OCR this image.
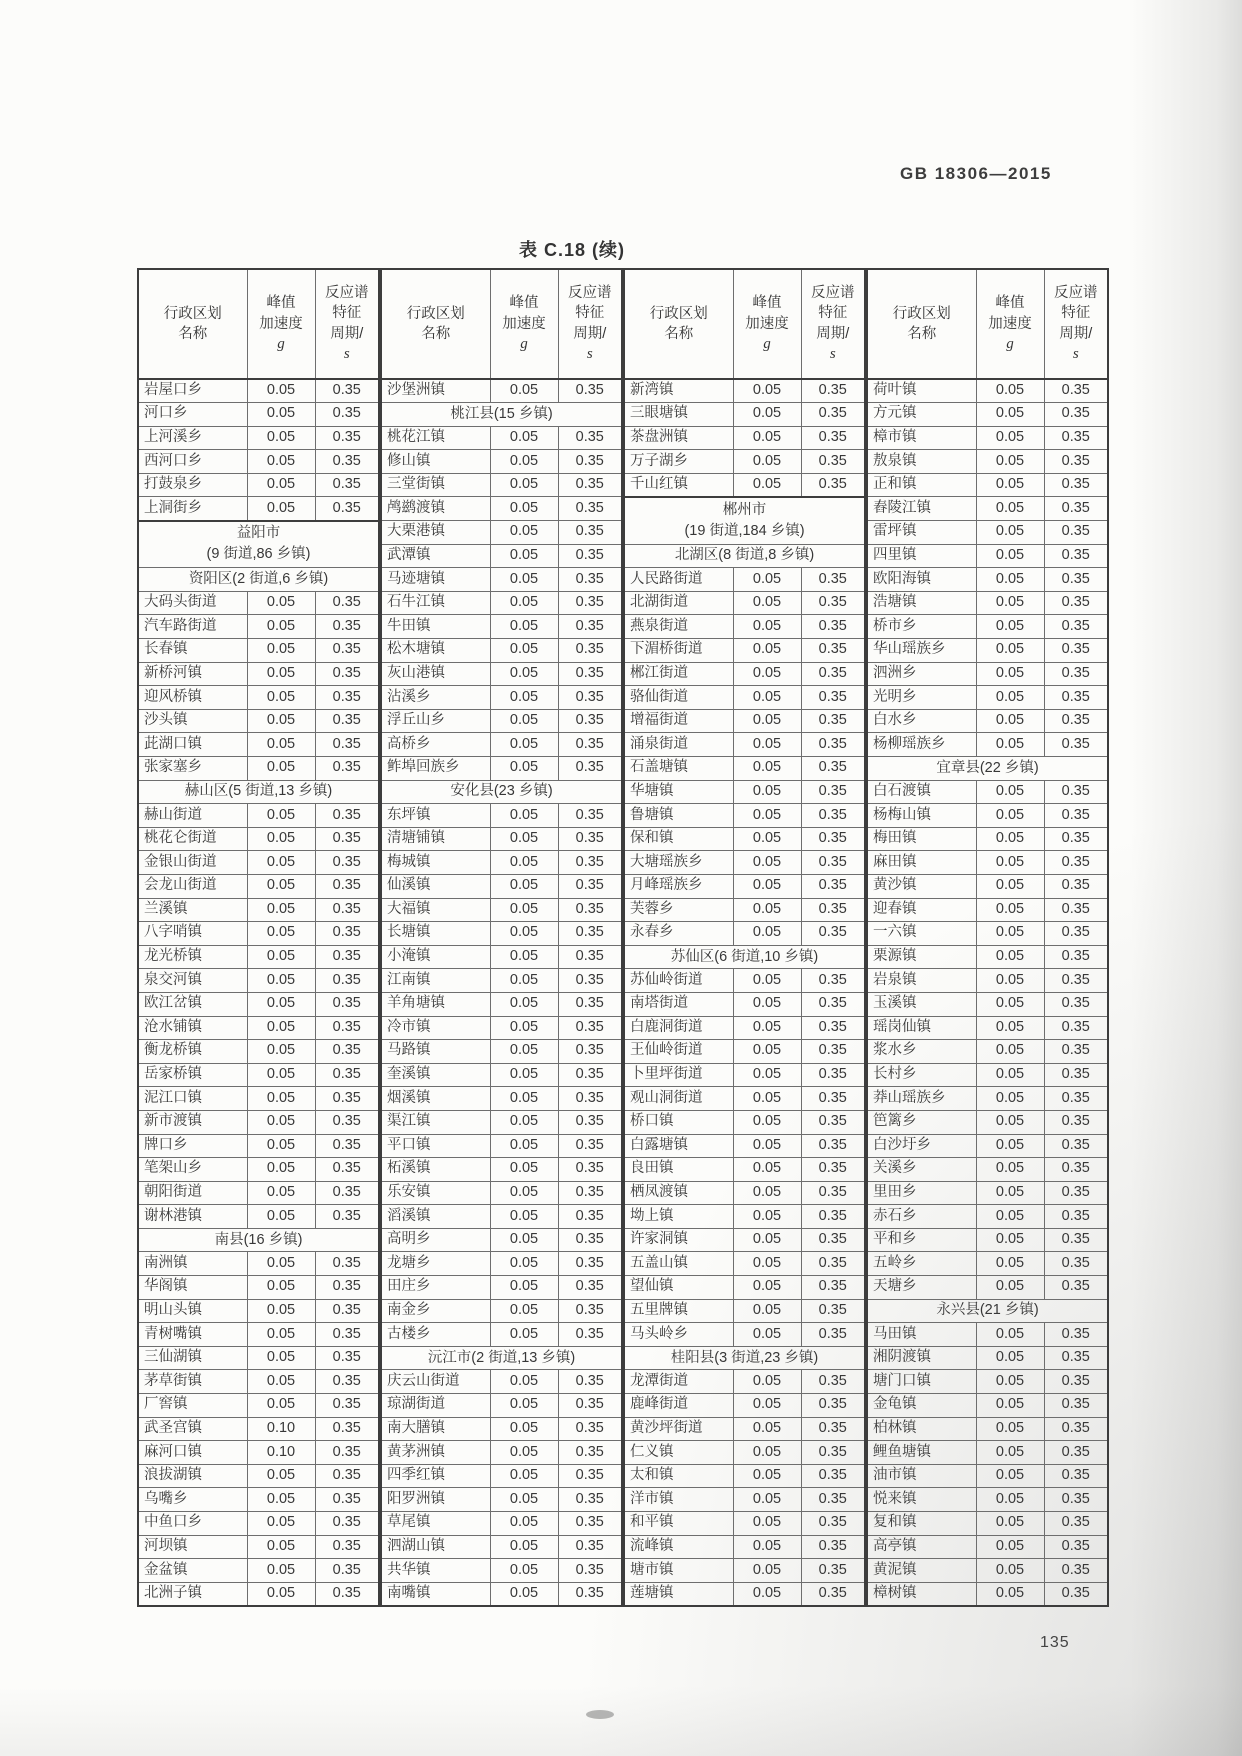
GB 18306—2015
表 C.18 (续)
行政区划
名称	峰值
加速度
g	反应谱
特征
周期/
s
岩屋口乡	0.05	0.35
河口乡	0.05	0.35
上河溪乡	0.05	0.35
西河口乡	0.05	0.35
打鼓泉乡	0.05	0.35
上洞街乡	0.05	0.35
益阳市
(9 街道,86 乡镇)		
资阳区(2 街道,6 乡镇)		
大码头街道	0.05	0.35
汽车路街道	0.05	0.35
长春镇	0.05	0.35
新桥河镇	0.05	0.35
迎风桥镇	0.05	0.35
沙头镇	0.05	0.35
茈湖口镇	0.05	0.35
张家塞乡	0.05	0.35
赫山区(5 街道,13 乡镇)		
赫山街道	0.05	0.35
桃花仑街道	0.05	0.35
金银山街道	0.05	0.35
会龙山街道	0.05	0.35
兰溪镇	0.05	0.35
八字哨镇	0.05	0.35
龙光桥镇	0.05	0.35
泉交河镇	0.05	0.35
欧江岔镇	0.05	0.35
沧水铺镇	0.05	0.35
衡龙桥镇	0.05	0.35
岳家桥镇	0.05	0.35
泥江口镇	0.05	0.35
新市渡镇	0.05	0.35
牌口乡	0.05	0.35
笔架山乡	0.05	0.35
朝阳街道	0.05	0.35
谢林港镇	0.05	0.35
南县(16 乡镇)		
南洲镇	0.05	0.35
华阁镇	0.05	0.35
明山头镇	0.05	0.35
青树嘴镇	0.05	0.35
三仙湖镇	0.05	0.35
茅草街镇	0.05	0.35
厂窖镇	0.05	0.35
武圣宫镇	0.10	0.35
麻河口镇	0.10	0.35
浪拔湖镇	0.05	0.35
乌嘴乡	0.05	0.35
中鱼口乡	0.05	0.35
河坝镇	0.05	0.35
金盆镇	0.05	0.35
北洲子镇	0.05	0.35
行政区划
名称	峰值
加速度
g	反应谱
特征
周期/
s
沙堡洲镇	0.05	0.35
桃江县(15 乡镇)		
桃花江镇	0.05	0.35
修山镇	0.05	0.35
三堂街镇	0.05	0.35
鸬鹚渡镇	0.05	0.35
大栗港镇	0.05	0.35
武潭镇	0.05	0.35
马迹塘镇	0.05	0.35
石牛江镇	0.05	0.35
牛田镇	0.05	0.35
松木塘镇	0.05	0.35
灰山港镇	0.05	0.35
沾溪乡	0.05	0.35
浮丘山乡	0.05	0.35
高桥乡	0.05	0.35
鲊埠回族乡	0.05	0.35
安化县(23 乡镇)		
东坪镇	0.05	0.35
清塘铺镇	0.05	0.35
梅城镇	0.05	0.35
仙溪镇	0.05	0.35
大福镇	0.05	0.35
长塘镇	0.05	0.35
小淹镇	0.05	0.35
江南镇	0.05	0.35
羊角塘镇	0.05	0.35
冷市镇	0.05	0.35
马路镇	0.05	0.35
奎溪镇	0.05	0.35
烟溪镇	0.05	0.35
渠江镇	0.05	0.35
平口镇	0.05	0.35
柘溪镇	0.05	0.35
乐安镇	0.05	0.35
滔溪镇	0.05	0.35
高明乡	0.05	0.35
龙塘乡	0.05	0.35
田庄乡	0.05	0.35
南金乡	0.05	0.35
古楼乡	0.05	0.35
沅江市(2 街道,13 乡镇)		
庆云山街道	0.05	0.35
琼湖街道	0.05	0.35
南大膳镇	0.05	0.35
黄茅洲镇	0.05	0.35
四季红镇	0.05	0.35
阳罗洲镇	0.05	0.35
草尾镇	0.05	0.35
泗湖山镇	0.05	0.35
共华镇	0.05	0.35
南嘴镇	0.05	0.35
行政区划
名称	峰值
加速度
g	反应谱
特征
周期/
s
新湾镇	0.05	0.35
三眼塘镇	0.05	0.35
茶盘洲镇	0.05	0.35
万子湖乡	0.05	0.35
千山红镇	0.05	0.35
郴州市
(19 街道,184 乡镇)		
北湖区(8 街道,8 乡镇)		
人民路街道	0.05	0.35
北湖街道	0.05	0.35
燕泉街道	0.05	0.35
下湄桥街道	0.05	0.35
郴江街道	0.05	0.35
骆仙街道	0.05	0.35
增福街道	0.05	0.35
涌泉街道	0.05	0.35
石盖塘镇	0.05	0.35
华塘镇	0.05	0.35
鲁塘镇	0.05	0.35
保和镇	0.05	0.35
大塘瑶族乡	0.05	0.35
月峰瑶族乡	0.05	0.35
芙蓉乡	0.05	0.35
永春乡	0.05	0.35
苏仙区(6 街道,10 乡镇)		
苏仙岭街道	0.05	0.35
南塔街道	0.05	0.35
白鹿洞街道	0.05	0.35
王仙岭街道	0.05	0.35
卜里坪街道	0.05	0.35
观山洞街道	0.05	0.35
桥口镇	0.05	0.35
白露塘镇	0.05	0.35
良田镇	0.05	0.35
栖凤渡镇	0.05	0.35
坳上镇	0.05	0.35
许家洞镇	0.05	0.35
五盖山镇	0.05	0.35
望仙镇	0.05	0.35
五里牌镇	0.05	0.35
马头岭乡	0.05	0.35
桂阳县(3 街道,23 乡镇)		
龙潭街道	0.05	0.35
鹿峰街道	0.05	0.35
黄沙坪街道	0.05	0.35
仁义镇	0.05	0.35
太和镇	0.05	0.35
洋市镇	0.05	0.35
和平镇	0.05	0.35
流峰镇	0.05	0.35
塘市镇	0.05	0.35
莲塘镇	0.05	0.35
行政区划
名称	峰值
加速度
g	反应谱
特征
周期/
s
荷叶镇	0.05	0.35
方元镇	0.05	0.35
樟市镇	0.05	0.35
敖泉镇	0.05	0.35
正和镇	0.05	0.35
舂陵江镇	0.05	0.35
雷坪镇	0.05	0.35
四里镇	0.05	0.35
欧阳海镇	0.05	0.35
浩塘镇	0.05	0.35
桥市乡	0.05	0.35
华山瑶族乡	0.05	0.35
泗洲乡	0.05	0.35
光明乡	0.05	0.35
白水乡	0.05	0.35
杨柳瑶族乡	0.05	0.35
宜章县(22 乡镇)		
白石渡镇	0.05	0.35
杨梅山镇	0.05	0.35
梅田镇	0.05	0.35
麻田镇	0.05	0.35
黄沙镇	0.05	0.35
迎春镇	0.05	0.35
一六镇	0.05	0.35
栗源镇	0.05	0.35
岩泉镇	0.05	0.35
玉溪镇	0.05	0.35
瑶岗仙镇	0.05	0.35
浆水乡	0.05	0.35
长村乡	0.05	0.35
莽山瑶族乡	0.05	0.35
笆篱乡	0.05	0.35
白沙圩乡	0.05	0.35
关溪乡	0.05	0.35
里田乡	0.05	0.35
赤石乡	0.05	0.35
平和乡	0.05	0.35
五岭乡	0.05	0.35
天塘乡	0.05	0.35
永兴县(21 乡镇)		
马田镇	0.05	0.35
湘阴渡镇	0.05	0.35
塘门口镇	0.05	0.35
金龟镇	0.05	0.35
柏林镇	0.05	0.35
鲤鱼塘镇	0.05	0.35
油市镇	0.05	0.35
悦来镇	0.05	0.35
复和镇	0.05	0.35
高亭镇	0.05	0.35
黄泥镇	0.05	0.35
樟树镇	0.05	0.35
135
